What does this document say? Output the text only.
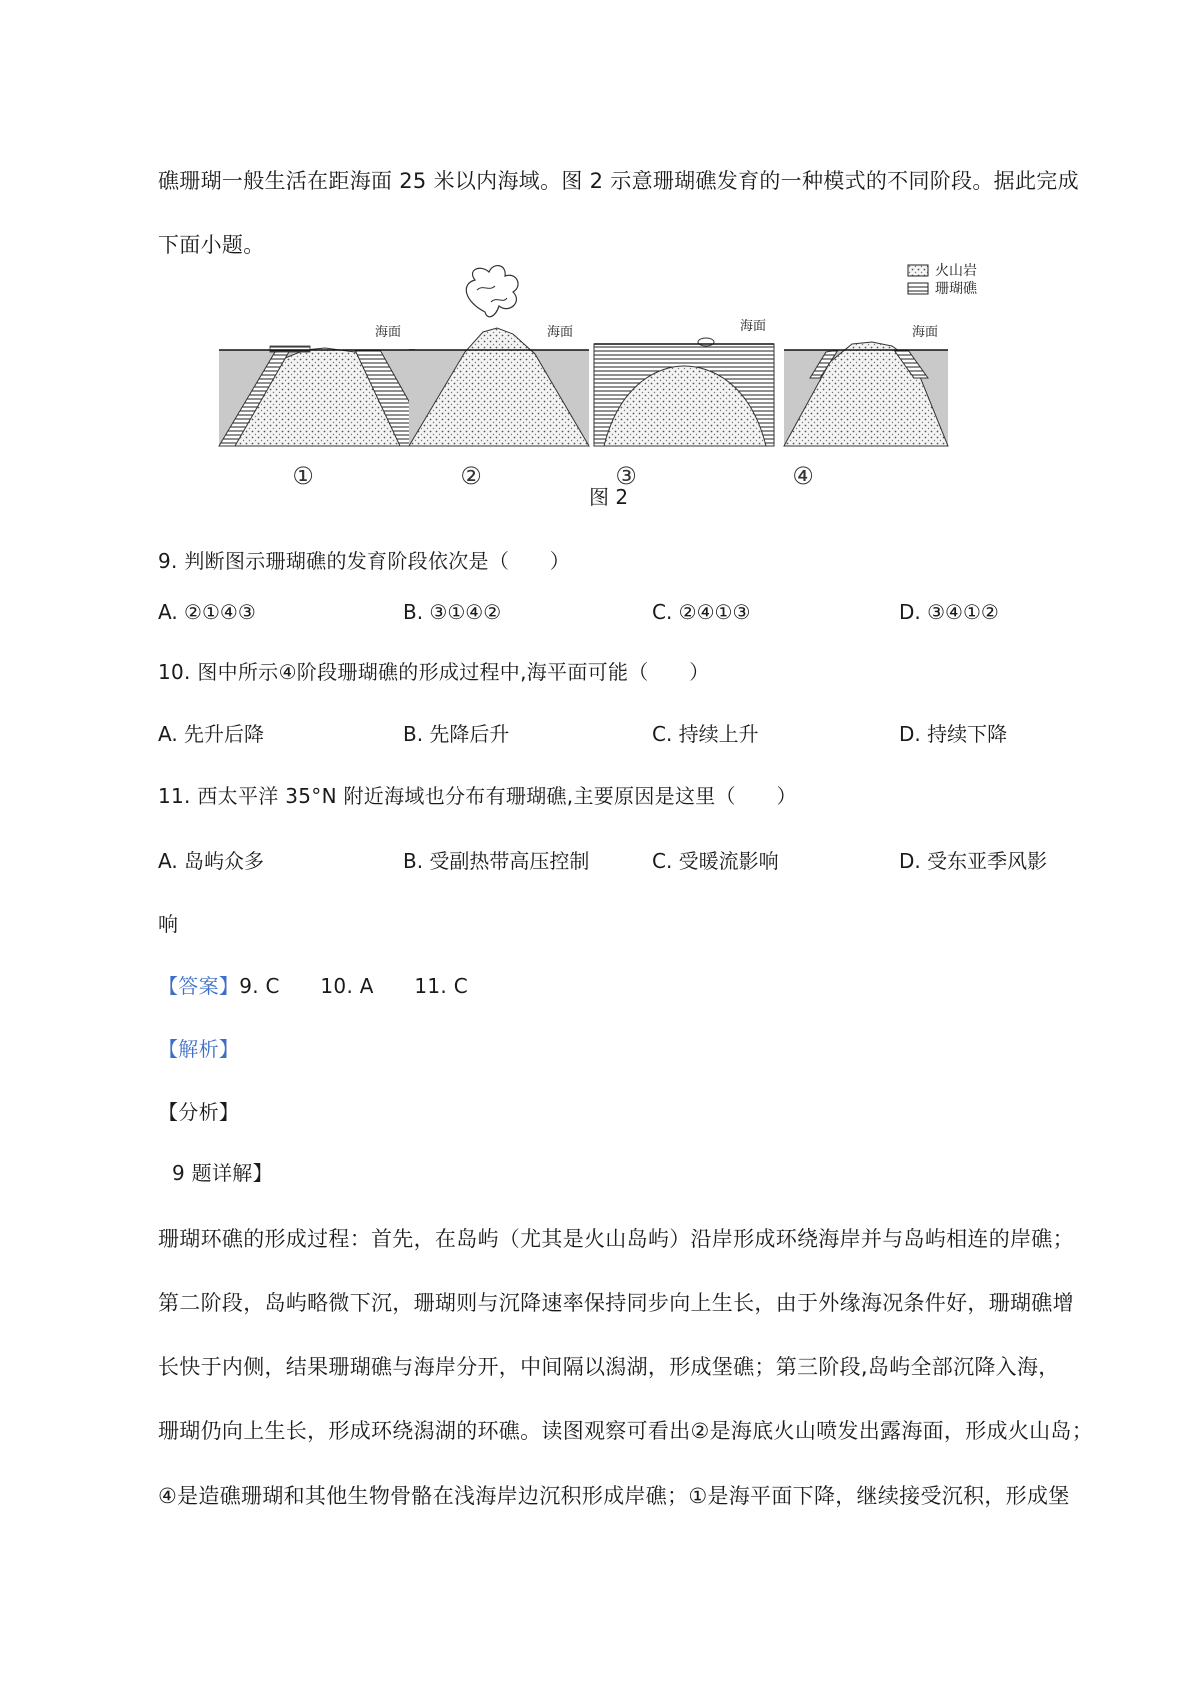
礁珊瑚一般生活在距海面 25 米以内海域。图 2 示意珊瑚礁发育的一种模式的不同阶段。据此完成
下面小题。
火山岩
珊瑚礁
海面
①
海面
②
海面
③
海面
④
图 2
9. 判断图示珊瑚礁的发育阶段依次是（　　）
A. ②①④③	B. ③①④②	C. ②④①③	D. ③④①②
10. 图中所示④阶段珊瑚礁的形成过程中,海平面可能（　　）
A. 先升后降	B. 先降后升	C. 持续上升	D. 持续下降
11. 西太平洋 35°N 附近海域也分布有珊瑚礁,主要原因是这里（　　）
A. 岛屿众多	B. 受副热带高压控制	C. 受暖流影响	D. 受东亚季风影
响
【答案】9. C　　10. A　　11. C
【解析】
【分析】
9 题详解】
珊瑚环礁的形成过程：首先，在岛屿（尤其是火山岛屿）沿岸形成环绕海岸并与岛屿相连的岸礁；
第二阶段，岛屿略微下沉，珊瑚则与沉降速率保持同步向上生长，由于外缘海况条件好，珊瑚礁增
长快于内侧，结果珊瑚礁与海岸分开，中间隔以潟湖，形成堡礁；第三阶段,岛屿全部沉降入海，
珊瑚仍向上生长，形成环绕潟湖的环礁。读图观察可看出②是海底火山喷发出露海面，形成火山岛；
④是造礁珊瑚和其他生物骨骼在浅海岸边沉积形成岸礁；①是海平面下降，继续接受沉积，形成堡
